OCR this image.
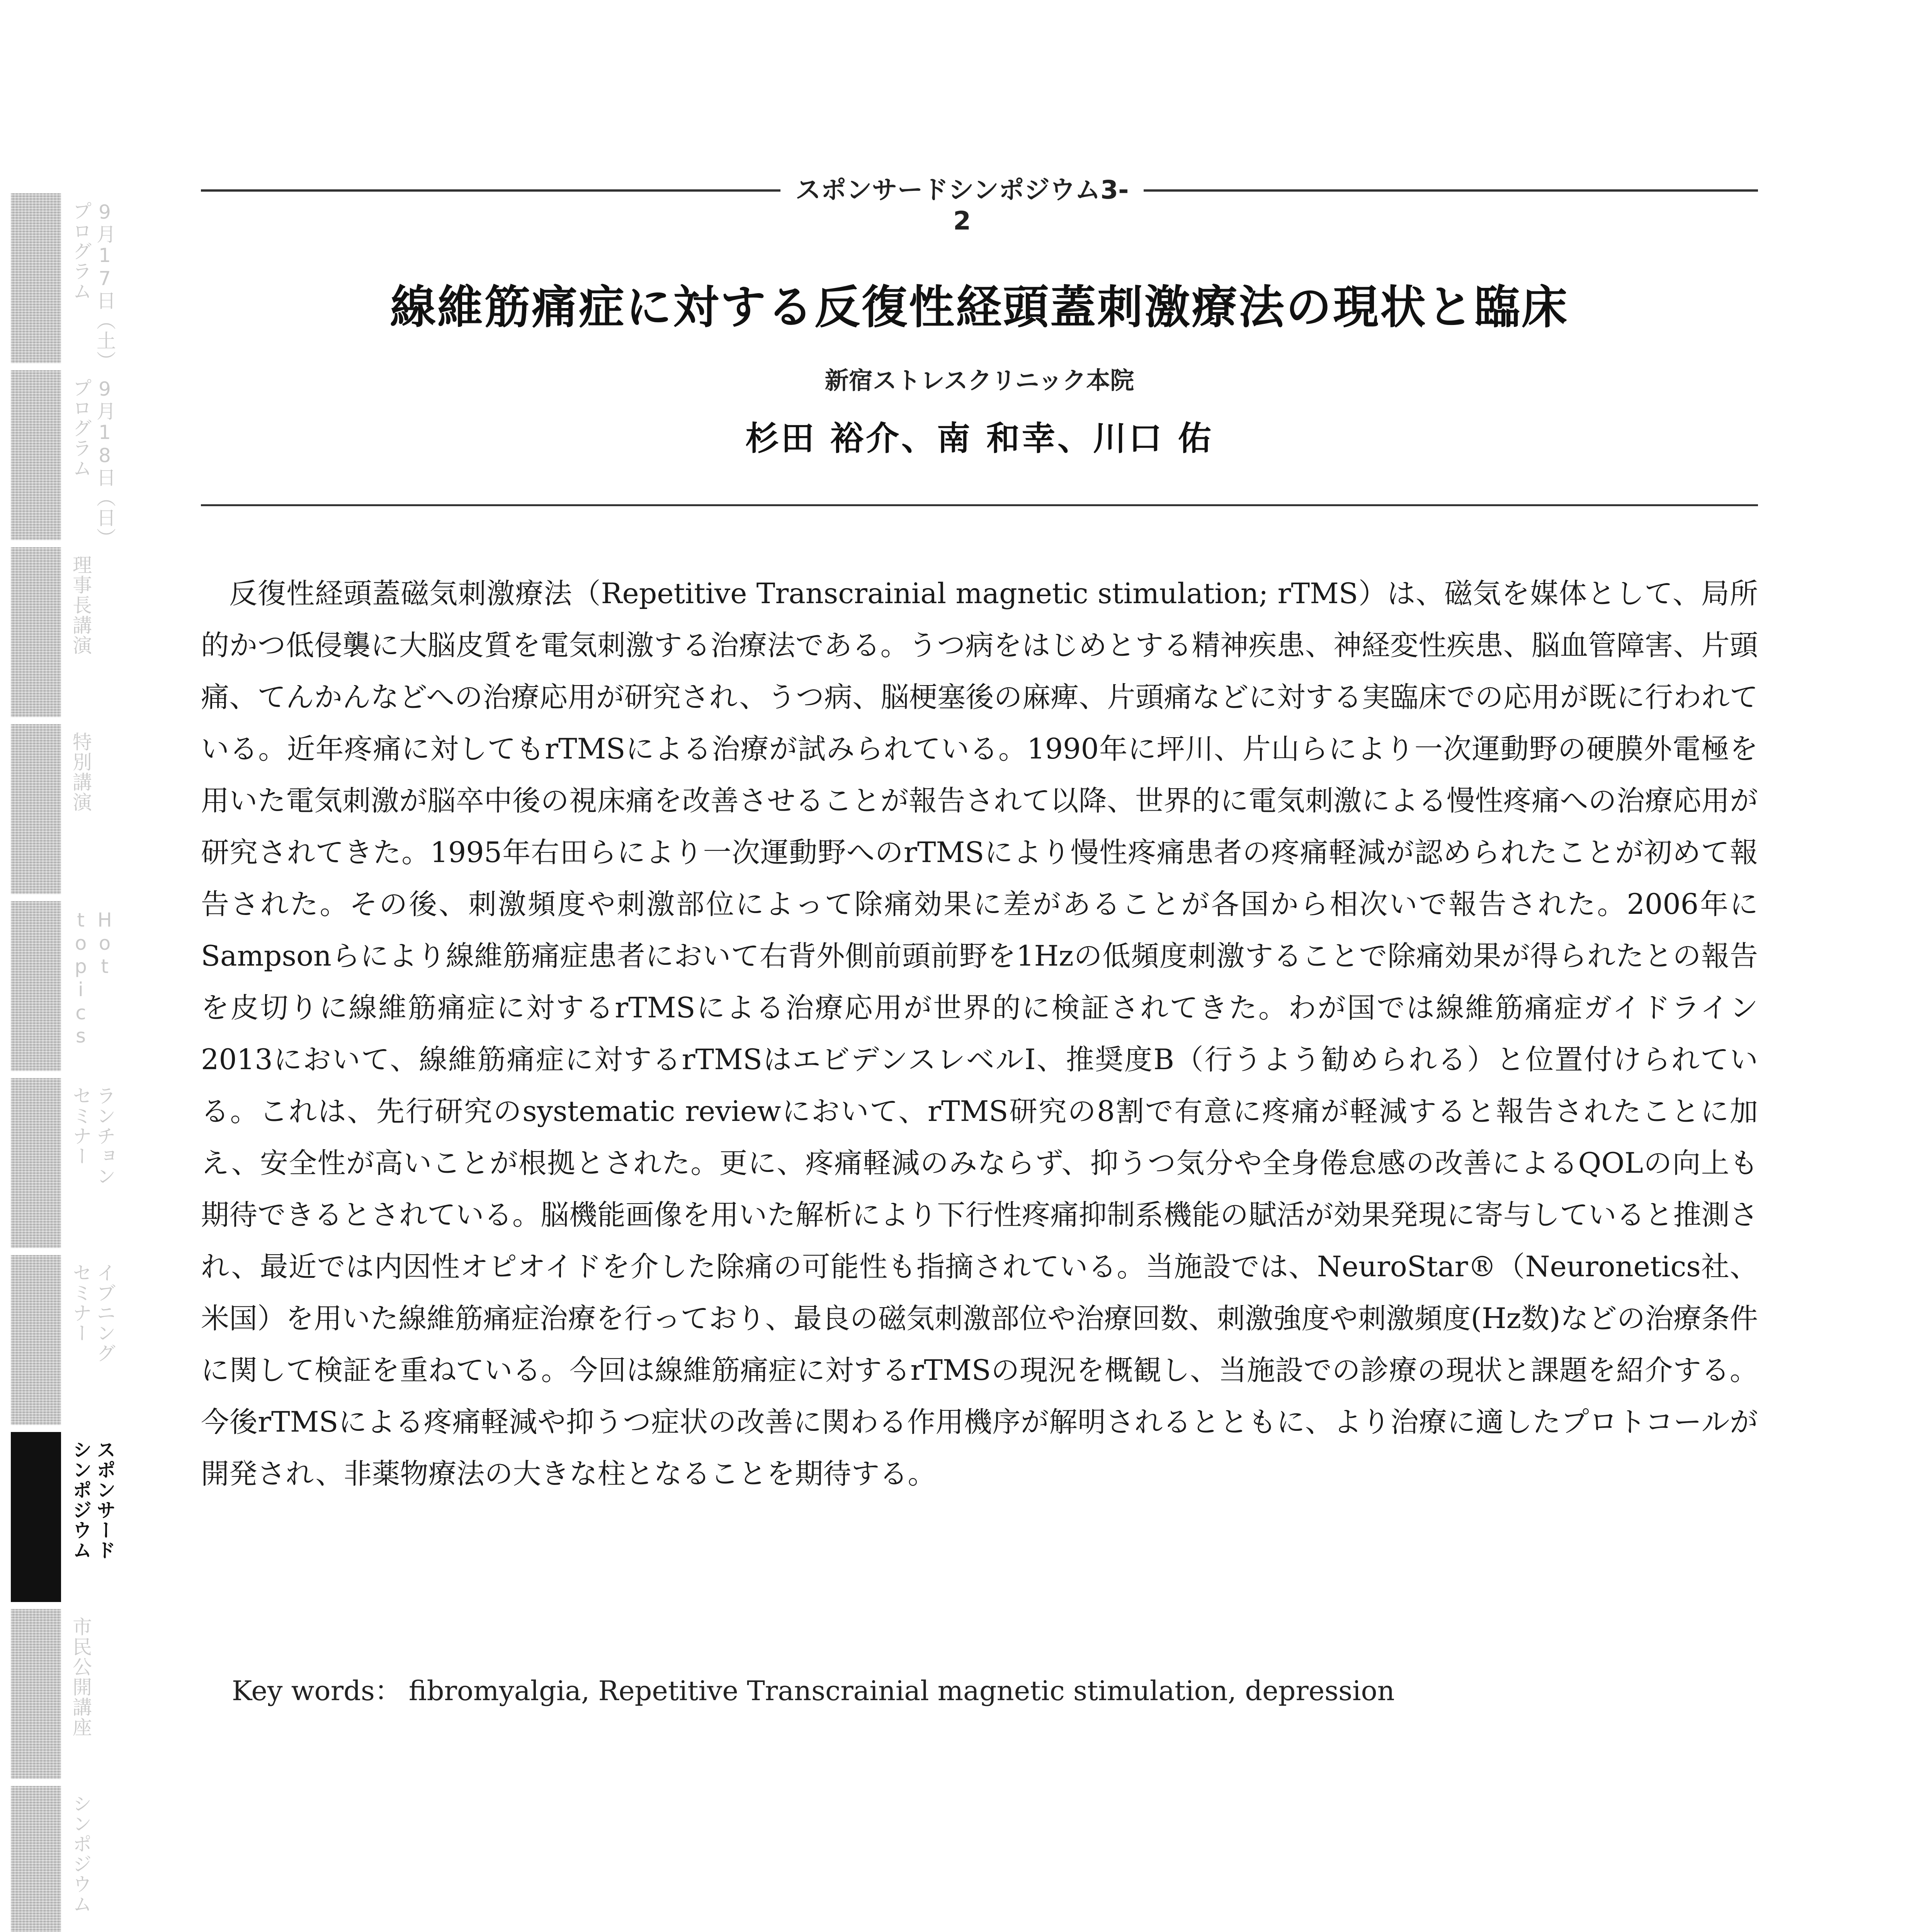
9月17日（土）
プログラム
9月18日（日）
プログラム
理事長講演
特別講演
Hot
topics
ランチョン
セミナー
イブニング
セミナー
スポンサード
シンポジウム
市民公開講座
シンポジウム
スポンサードシンポジウム3-2
線維筋痛症に対する反復性経頭蓋刺激療法の現状と臨床
新宿ストレスクリニック本院
杉田 裕介、南 和幸、川口 佑

反復性経頭蓋磁気刺激療法（Repetitive Transcrainial magnetic stimulation; rTMS）は、磁気を媒体として、局所的かつ低侵襲に大脳皮質を電気刺激する治療法である。うつ病をはじめとする精神疾患、神経変性疾患、脳血管障害、片頭痛、てんかんなどへの治療応用が研究され、うつ病、脳梗塞後の麻痺、片頭痛などに対する実臨床での応用が既に行われている。近年疼痛に対してもrTMSによる治療が試みられている。1990年に坪川、片山らにより一次運動野の硬膜外電極を用いた電気刺激が脳卒中後の視床痛を改善させることが報告されて以降、世界的に電気刺激による慢性疼痛への治療応用が研究されてきた。1995年右田らにより一次運動野へのrTMSにより慢性疼痛患者の疼痛軽減が認められたことが初めて報告された。その後、刺激頻度や刺激部位によって除痛効果に差があることが各国から相次いで報告された。2006年にSampsonらにより線維筋痛症患者において右背外側前頭前野を1Hzの低頻度刺激することで除痛効果が得られたとの報告を皮切りに線維筋痛症に対するrTMSによる治療応用が世界的に検証されてきた。わが国では線維筋痛症ガイドライン2013において、線維筋痛症に対するrTMSはエビデンスレベルⅠ、推奨度B（行うよう勧められる）と位置付けられている。これは、先行研究のsystematic reviewにおいて、rTMS研究の8割で有意に疼痛が軽減すると報告されたことに加え、安全性が高いことが根拠とされた。更に、疼痛軽減のみならず、抑うつ気分や全身倦怠感の改善によるQOLの向上も期待できるとされている。脳機能画像を用いた解析により下行性疼痛抑制系機能の賦活が効果発現に寄与していると推測され、最近では内因性オピオイドを介した除痛の可能性も指摘されている。当施設では、NeuroStar®（Neuronetics社、米国）を用いた線維筋痛症治療を行っており、最良の磁気刺激部位や治療回数、刺激強度や刺激頻度(Hz数)などの治療条件に関して検証を重ねている。今回は線維筋痛症に対するrTMSの現況を概観し、当施設での診療の現状と課題を紹介する。今後rTMSによる疼痛軽減や抑うつ症状の改善に関わる作用機序が解明されるとともに、より治療に適したプロトコールが開発され、非薬物療法の大きな柱となることを期待する。

Key words： fibromyalgia, Repetitive Transcrainial magnetic stimulation, depression
